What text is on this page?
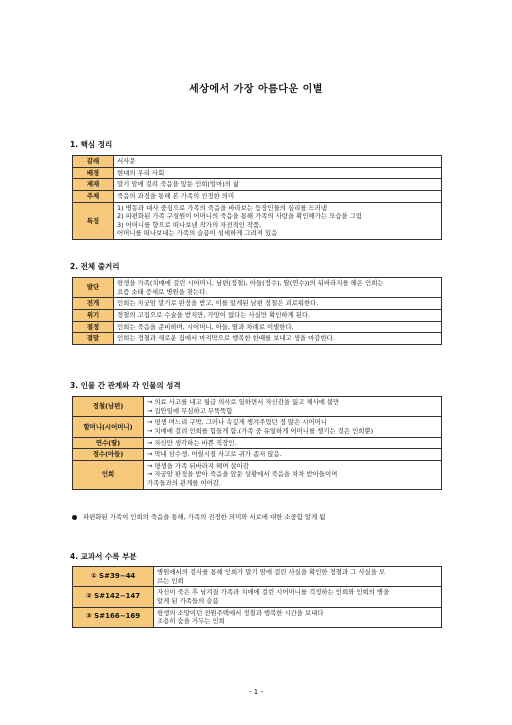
세상에서 가장 아름다운 이별
1. 핵심 정리
갈래	서사문
배경	현대의 우리 사회
제재	말기 암에 걸려 죽음을 앞둔 인희(엄마)의 삶
주제	죽음의 과정을 통해 본 가족의 진정한 의미
특징	1) 병동과 대사 중심으로 가족의 죽음을 바라보는 등장인물의 심리를 드러냄

2) 파편화된 가족 구성원이 어머니의 죽음을 통해 가족의 사랑을 확인해가는 모습을 그림

3) 어머니를 향으로 떠나보낸 작가의 자전적인 작품,

어머니를 떠나보내는 가족의 슬픔이 섬세하게 그려져 있음

2. 전체 줄거리
발단	평생을 가족(치매에 걸린 시어머니, 남편(정철), 아들(정수), 딸(연수))의 뒤바라지를 해온 인희는

요즘 소태 증세로 병원을 찾는다.

전개	인희는 자궁암 말기로 판정을 받고, 이를 알게된 남편 정철은 괴로워한다.
위기	정철의 고집으로 수술을 받지만, 가망이 없다는 사실만 확인하게 된다.
절정	인희는 죽음을 준비하며, 시어머니, 아들, 딸과 차례로 이별한다.
결말	인희는 정철과 새로운 집에서 마지막으로 행복한 한때를 보내고 생을 마감한다.
3. 인물 간 관계와 각 인물의 성격
정철(남편)	→ 의료 사고를 내고 월급 의사로 일하면서 자신감을 잃고 체사에 불만

→ 집안일에 무심하고 무뚝뚝함

할머니(시어머니)	→ 평생 며느리 구박, 그러나 속깊게 챙겨주었던 정 많은 시어머니

→ 치매에 걸려 인희를 힘들게 함.(가족 중 유일하게 어머니를 챙기는 것은 인희뿐)

연수(딸)	→ 자신만 생각하는 바쁜 직장인.
정수(아들)	→ 막내 삼수생. 어릴시절 사고로 귀가 좀저 않음.
인희	→ 평생을 가족 뒤바라지 해며 살아감

→ 자궁암 판정을 받아 죽음을 앞둔 상황에서 죽음을 차차 받아들이며

가족들과의 관계를 이어감.

파편화된 가족이 인희의 죽음을 통해, 가족의 진정한 의미와 서로에 대한 소중함 알게 됨
4. 교과서 수록 부분
① S#39~44	병원에서의 검사를 통해 인희가 말기 암에 걸린 사실을 확인한 정철과 그 사실을 모

르는 인희

② S#142~147	자신이 죽은 후 남겨질 가족과 치매에 걸린 시어머니를 걱정하는 인희와 인희의 병을

알게 된 가족들의 슬픔

③ S#166~169	평생의 소망이던 전원주택에서 정철과 행복한 시간을 보내다

조용히 숨을 거두는 인희

- 1 -
